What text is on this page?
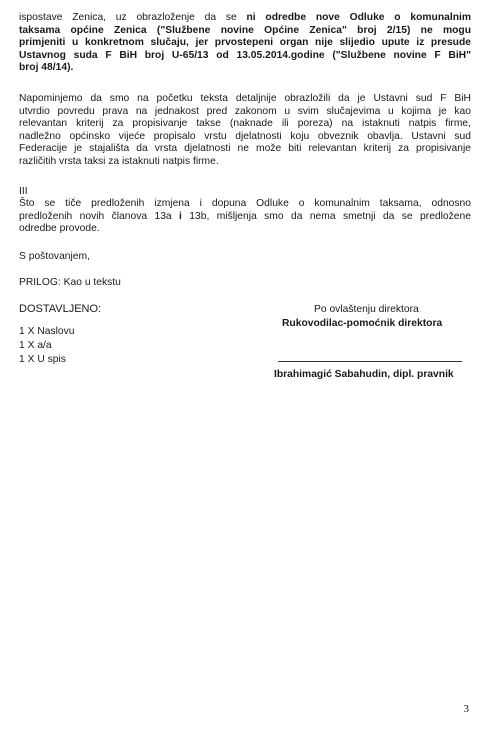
ispostave Zenica, uz obrazloženje da se ni odredbe nove Odluke o komunalnim
taksama općine Zenica ("Službene novine Općine Zenica" broj 2/15) ne mogu
primjeniti u konkretnom slučaju, jer prvostepeni organ nije slijedio upute iz presude
Ustavnog suda F BiH broj U-65/13 od 13.05.2014.godine ("Službene novine F BiH"
broj 48/14).
Napominjemo da smo na početku teksta detaljnije obrazložili da je Ustavni sud F BiH
utvrdio povredu prava na jednakost pred zakonom u svim slučajevima u kojima je kao
relevantan kriterij za propisivanje takse (naknade ili poreza) na istaknuti natpis firme,
nadležno općinsko vijeće propisalo vrstu djelatnosti koju obveznik obavlja. Ustavni sud
Federacije je stajališta da vrsta djelatnosti ne može biti relevantan kriterij za propisivanje
različitih vrsta taksi za istaknuti natpis firme.
III
Što se tiče predloženih izmjena i dopuna Odluke o komunalnim taksama, odnosno
predloženih novih članova 13a i 13b, mišljenja smo da nema smetnji da se predložene
odredbe provode.
S poštovanjem,
PRILOG: Kao u tekstu
DOSTAVLJENO:
1 X Naslovu
1 X a/a
1 X U spis
Po ovlaštenju direktora
Rukovodilac-pomoćnik direktora
Ibrahimagić Sabahudin, dipl. pravnik
3
